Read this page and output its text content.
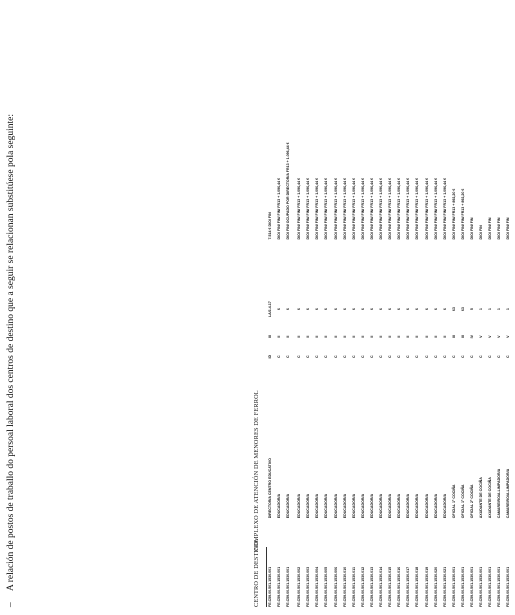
–A relación de postos de traballo do persoal laboral dos centros de destino que a seguir se relacionan substitúese pola seguinte:	CENTRO DE DESTINO:
COMPLEXO DE ATENCIÓN DE MENORES DE FERROL
FE.C59.00.501.1530.001	DIRECTOR/A CENTRO EDUCATIVO	ID	III	LA/1.4.17		7.514 € DIO/ FIN
FE.C59.00.501.1530.001	EDUCADOR/A	C	II	6		DIO/ FIN/ FIN/ FIN/ FR13 + 1.096,44 €
FE.C59.00.501.1530.001	EDUCADOR/A	C	II	6		DIO/ FIN/ OCUPADO POR DIRECTOR/A FR13 + 1.096,44 €
FE.C59.00.501.1530.002	EDUCADOR/A	C	II	6		DIO/ FIN/ FIN/ FIN/ FR13 + 1.096,44 €
FE.C59.00.501.1530.003	EDUCADOR/A	C	II	6		DIO/ FIN/ FIN/ FIN/ FR13 + 1.096,44 €
FE.C59.00.501.1530.004	EDUCADOR/A	C	II	6		DIO/ FIN/ FIN/ FIN/ FR13 + 1.096,44 €
FE.C59.00.501.1530.005	EDUCADOR/A	C	II	6		DIO/ FIN/ FIN/ FIN/ FR13 + 1.096,44 €
FE.C59.00.501.1530.006	EDUCADOR/A	C	II	6		DIO/ FIN/ FIN/ FIN/ FR13 + 1.096,44 €
FE.C59.00.501.1530.010	EDUCADOR/A	C	II	6		DIO/ FIN/ FIN/ FIN/ FR13 + 1.096,44 €
FE.C59.00.501.1530.011	EDUCADOR/A	C	II	6		DIO/ FIN/ FIN/ FIN/ FR13 + 1.096,44 €
FE.C59.00.501.1530.012	EDUCADOR/A	C	II	6		DIO/ FIN/ FIN/ FIN/ FR13 + 1.096,44 €
FE.C59.00.501.1530.013	EDUCADOR/A	C	II	6		DIO/ FIN/ FIN/ FIN/ FR13 + 1.096,44 €
FE.C59.00.501.1530.014	EDUCADOR/A	C	II	6		DIO/ FIN/ FIN/ FIN/ FR13 + 1.096,44 €
FE.C59.00.501.1530.015	EDUCADOR/A	C	II	6		DIO/ FIN/ FIN/ FIN/ FR13 + 1.096,44 €
FE.C59.00.501.1530.016	EDUCADOR/A	C	II	6		DIO/ FIN/ FIN/ FIN/ FR13 + 1.096,44 €
FE.C59.00.501.1530.017	EDUCADOR/A	C	II	6		DIO/ FIN/ FIN/ FIN/ FR13 + 1.096,44 €
FE.C59.00.501.1530.018	EDUCADOR/A	C	II	6		DIO/ FIN/ FIN/ FIN/ FR13 + 1.096,44 €
FE.C59.00.501.1530.019	EDUCADOR/A	C	II	6		DIO/ FIN/ FIN/ FIN/ FR13 + 1.096,44 €
FE.C59.00.501.1530.020	EDUCADOR/A	C	II	6		DIO/ FIN/ FIN/ FIN/ FR13 + 1.096,44 €
FE.C59.00.501.1530.021	EDUCADOR/A	C	II	6		DIO/ FIN/ FIN/ FIN/ FR13 + 1.096,44 €
FE.C59.00.501.1530.001	OFICIAL 1ª COCIÑA	C	III	63		DIO/ FIN/ FIN/ FR13 + 892,20 €
FE.C59.00.501.1530.001	OFICIAL 1ª COCIÑA	C	III	63		DIO/ FIN/ FIN/ FR13 + 892,20 €
FE.C59.00.501.1530.001	OFICIAL 2ª COCIÑA	C	IV	5		DIO/ FIN/ FIN
FE.C59.00.501.1530.001	AXUDANTE DE COCIÑA	C	V	1		DIO/ FIN
FE.C59.00.501.1530.001	AXUDANTE DE COCIÑA	C	V	1		DIO/ FIN/ FIN
FE.C59.00.501.1530.001	CAMAREIRO/A-LIMPADOR/A	C	V	1		DIO/ FIN/ FIN
FE.C59.00.501.1530.001	CAMAREIRO/A-LIMPADOR/A	C	V	1		DIO/ FIN/ FIN
